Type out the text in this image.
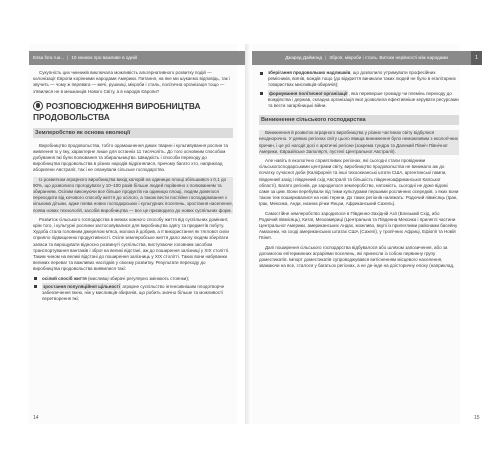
Essa fora ruа... | 10 книжок про важливе в одній	Джаред Даймонд | Зброя, мікроби і сталь. Витоки нерівності між народами	1

Сукупність цих чинників виключала можливість альтернативного розвитку подій — колонізації Європи корінними народами Америки. Питання, на яке ми шукаємо відповідь, так і звучить — чому ж перевага — мечі, рушниці, мікроби і сталь, політична організація тощо — з'явилися не в мешканців Нового Світу, а в народів Європи?

РОЗПОВСЮДЖЕННЯ ВИРОБНИЦТВА ПРОДОВОЛЬСТВА
Землеробство як основа еволюції

Виробництво продовольства, тобто одомашнення диких тварин і культивування рослин та живлення їх у їжу, характерне лише для останніх 11 тисячоліть. До того основним способом добування їжі були полювання та збиральництво. Швидкість і способи переходу до виробництва продовольства в різних народів відрізнялися, причому багато хто, наприклад аборигени Австралії, так і не опанували сільське господарство.

Із розвитком аграрного виробництва вихід калорій на одиницю площі збільшився з 0,1 до 90%, що дозволило прогодувати у 10–100 разів більше людей порівняно з полюванням та збиранням. Осілим виконуючи все більше продуктів на одиницю площі, людям довелося переходити від кочового способу життя до осілого, а також вести постійне господарювання з кількома дітьми, адже поява нових господарських і культурних поселень, зростання населення, поява нових технологій, засобів виробництва — все це призводило до нових суспільних форм.

Розвиток сільського господарства в межах кожного способу життя від суспільних домінант, крім того, і культурні рослини застосовувалися для виробництва одягу та предметів побуту. Худоба стала головним джерелом м'яса, молока й добрив, а її використання як тяглової сили сприяло підвищенню продуктивності. Осіле землеробське життя дало змогу людям зберігати запаси та вирощувати відносно розвинуті суспільства, виступаючи головним засобом транспортування вантажів і зброї на великі відстані, аж до поширення залізниці у XIX столітті. Таким чином на великі відстані до поширення залізниць у XIX столітті. Таких вони набуванки великих переваг та важливих наслідків у своєму розвитку. Результати переходу до виробництва продовольства виявилися такі:

осілий спосіб життя (мисливці-збирачі регулярно змінюють стоянки);
зростання популяційної щільності аграрне суспільство інтенсивнішим плодотворче забезпечення їжею, ніж у мисливців-збирачів, що робить значно більше та можливості перетворення їжі;
14
зберігання продовольчих надлишків, що дозволило утримувати професійних ремісників, воїнів, вождів тощо (до відкриття виникали таких людей не було в егалітарних товариствах мисливців-збирачів);
формування політичної організації, яка переверше громаду чи племінь переходу до вождівства і держав, складна організація якої дозволила ефективніше керувати ресурсами та вести загарбницькі війни.
Виникнення сільського господарства

Виникнення й розвиток аграрного виробництва у різних частинах світу відбулися неоднорочно. У деяких регіонах світу цього явища виникнення було неможливим з екологічних причин, і це усі нагодії досі є арктичні регіони (зокрема тундра та Далекий Північ Північної Америки, Євразійське Заполяр'я, пустелі Центральної Австралії).

Але навіть в екологічно сприятливих регіонах, які сьогодні стали провідними сільськогосподарськими центрами світу, виробництво продовольства не виникало аж до початку сучасної доби (Каліфорнія та інші тихоокеанські штати США, аргентинські пампи, південний захід і південний схід Австралії та більшість південноафриканської Капської області). Багато регіонів, де зародилося землеробство, натомість, сьогодні не дуже відомі саме за цим. Вони перебували під тими культурами першими рослинних осередків, з яких вони також теж поширювалися на нові терени. До таких регіонів належать: Родючий півмісяць (Іран, Ірак, Мексика, Анди, низина річки Янцзи, Африканський Сахель).

Самостійне землеробство зародилося в Південно-Західній Азії (Близький Схід, або Родючий півмісяць), Китаї, Мезоамериці (Центральна та Південна Мексика і прилеглі частини Центральної Америки, американських Андах, можливо, вкупі із прилеглими районами басейну Амазонки, на сході американських штатах США (Сахелі), у тропічних Африці, Ефіопії та Новій Гвінеї.

Далі поширення сільського господарства відбувалося або шляхом запозичення, або за допомогою епітерминних аграріями поселень, які принесли із собою первинну групу доместикатів. Імпорт доместикатів супроводжувався витісненням місцевого населення, зважаючи на все, сталося у багатьох регіонах, а не де-інде на доісторичну епоху (наприклад,

15
